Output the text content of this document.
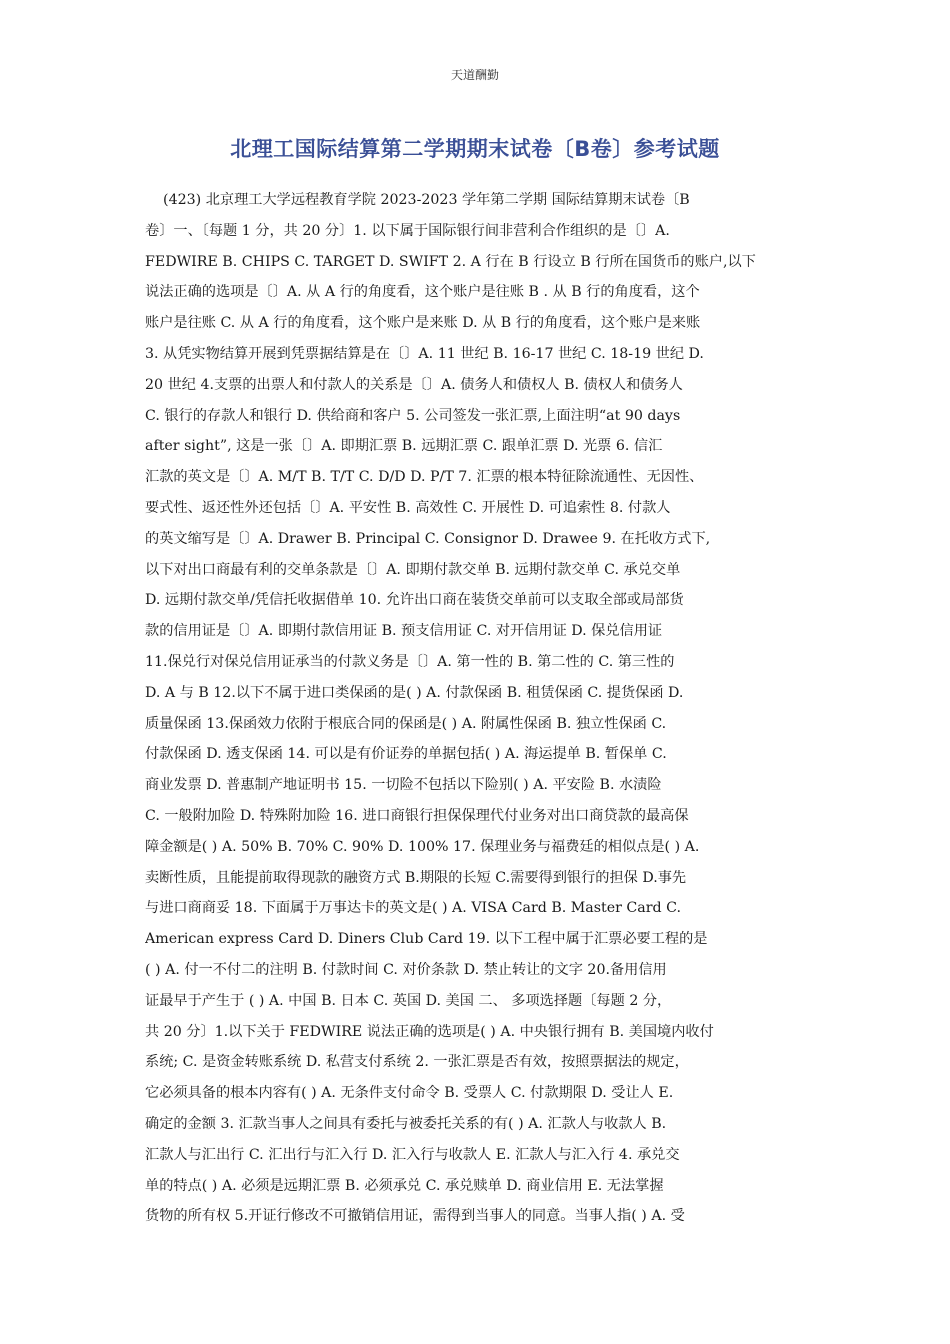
天道酬勤
北理工国际结算第二学期期末试卷〔B卷〕参考试题
(423) 北京理工大学远程教育学院 2023-2023 学年第二学期 国际结算期末试卷〔B
卷〕一、〔每题 1 分，共 20 分〕1. 以下属于国际银行间非营利合作组织的是〔〕A.
FEDWIRE B. CHIPS C. TARGET D. SWIFT 2. A 行在 B 行设立 B 行所在国货币的账户,以下
说法正确的选项是〔〕A. 从 A 行的角度看，这个账户是往账 B . 从 B 行的角度看，这个
账户是往账 C. 从 A 行的角度看，这个账户是来账 D. 从 B 行的角度看，这个账户是来账
3. 从凭实物结算开展到凭票据结算是在〔〕A. 11 世纪 B. 16-17 世纪 C. 18-19 世纪 D.
20 世纪 4.支票的出票人和付款人的关系是〔〕A. 债务人和债权人 B. 债权人和债务人
C. 银行的存款人和银行 D. 供给商和客户 5. 公司签发一张汇票,上面注明“at 90 days
after sight”, 这是一张〔〕A. 即期汇票 B. 远期汇票 C. 跟单汇票 D. 光票 6. 信汇
汇款的英文是〔〕A. M/T B. T/T C. D/D D. P/T 7. 汇票的根本特征除流通性、无因性、
要式性、返还性外还包括〔〕A. 平安性 B. 高效性 C. 开展性 D. 可追索性 8. 付款人
的英文缩写是〔〕A. Drawer B. Principal C. Consignor D. Drawee 9. 在托收方式下,
以下对出口商最有利的交单条款是〔〕A. 即期付款交单 B. 远期付款交单 C. 承兑交单
D. 远期付款交单/凭信托收据借单 10. 允许出口商在装货交单前可以支取全部或局部货
款的信用证是〔〕A. 即期付款信用证 B. 预支信用证 C. 对开信用证 D. 保兑信用证
11.保兑行对保兑信用证承当的付款义务是〔〕A. 第一性的 B. 第二性的 C. 第三性的
D. A 与 B 12.以下不属于进口类保函的是( ) A. 付款保函 B. 租赁保函 C. 提货保函 D.
质量保函 13.保函效力依附于根底合同的保函是( ) A. 附属性保函 B. 独立性保函 C.
付款保函 D. 透支保函 14. 可以是有价证券的单据包括( ) A. 海运提单 B. 暂保单 C.
商业发票 D. 普惠制产地证明书 15. 一切险不包括以下险别( ) A. 平安险 B. 水渍险
C. 一般附加险 D. 特殊附加险 16. 进口商银行担保保理代付业务对出口商贷款的最高保
障金额是( ) A. 50% B. 70% C. 90% D. 100% 17. 保理业务与福费廷的相似点是( ) A.
卖断性质，且能提前取得现款的融资方式 B.期限的长短 C.需要得到银行的担保 D.事先
与进口商商妥 18. 下面属于万事达卡的英文是( ) A. VISA Card B. Master Card C.
American express Card D. Diners Club Card 19. 以下工程中属于汇票必要工程的是
( ) A. 付一不付二的注明 B. 付款时间 C. 对价条款 D. 禁止转让的文字 20.备用信用
证最早于产生于 ( ) A. 中国 B. 日本 C. 英国 D. 美国 二、 多项选择题〔每题 2 分，
共 20 分〕1.以下关于 FEDWIRE 说法正确的选项是( ) A. 中央银行拥有 B. 美国境内收付
系统; C. 是资金转账系统 D. 私营支付系统 2. 一张汇票是否有效，按照票据法的规定，
它必须具备的根本内容有( ) A. 无条件支付命令 B. 受票人 C. 付款期限 D. 受让人 E.
确定的金额 3. 汇款当事人之间具有委托与被委托关系的有( ) A. 汇款人与收款人 B.
汇款人与汇出行 C. 汇出行与汇入行 D. 汇入行与收款人 E. 汇款人与汇入行 4. 承兑交
单的特点( ) A. 必须是远期汇票 B. 必须承兑 C. 承兑赎单 D. 商业信用 E. 无法掌握
货物的所有权 5.开证行修改不可撤销信用证，需得到当事人的同意。当事人指( ) A. 受
